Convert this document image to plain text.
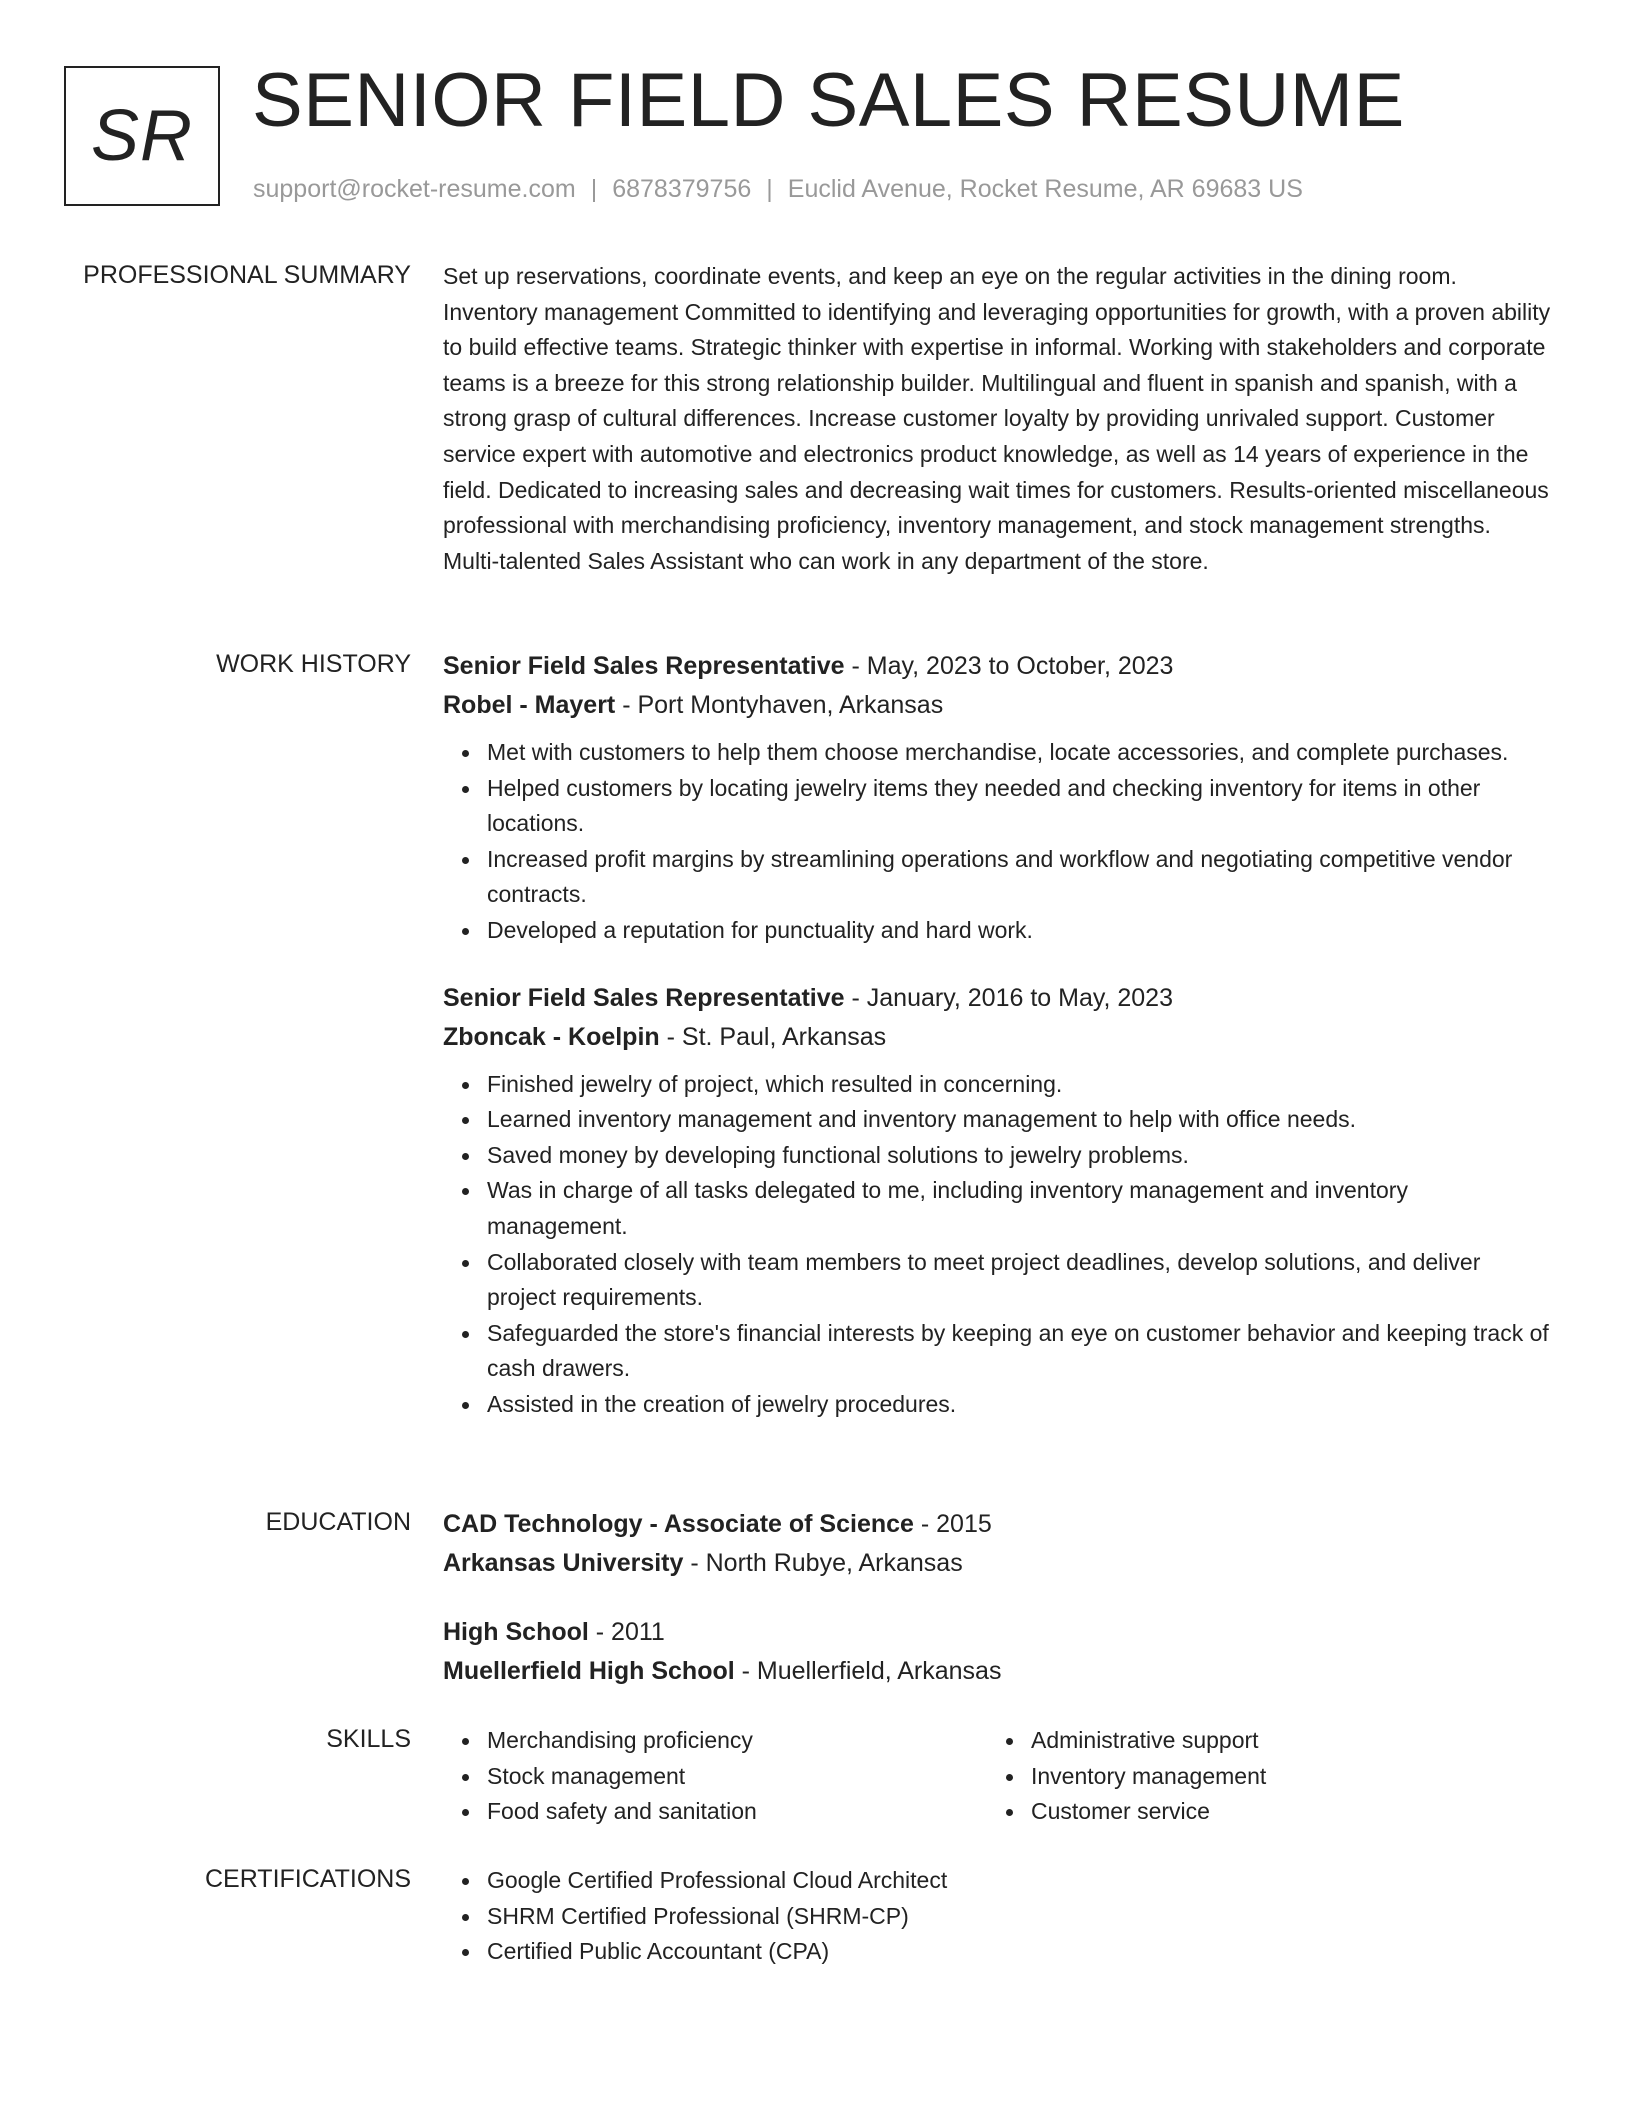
SR SENIOR FIELD SALES RESUME
support@rocket-resume.com | 6878379756 | Euclid Avenue, Rocket Resume, AR 69683 US
PROFESSIONAL SUMMARY Set up reservations, coordinate events, and keep an eye on the regular activities in the dining room. Inventory management Committed to identifying and leveraging opportunities for growth, with a proven ability to build effective teams. Strategic thinker with expertise in informal. Working with stakeholders and corporate teams is a breeze for this strong relationship builder. Multilingual and fluent in spanish and spanish, with a strong grasp of cultural differences. Increase customer loyalty by providing unrivaled support. Customer service expert with automotive and electronics product knowledge, as well as 14 years of experience in the field. Dedicated to increasing sales and decreasing wait times for customers. Results-oriented miscellaneous professional with merchandising proficiency, inventory management, and stock management strengths. Multi-talented Sales Assistant who can work in any department of the store.

WORK HISTORY Senior Field Sales Representative - May, 2023 to October, 2023

Robel - Mayert - Port Montyhaven, Arkansas

Met with customers to help them choose merchandise, locate accessories, and complete purchases.
Helped customers by locating jewelry items they needed and checking inventory for items in other locations.
Increased profit margins by streamlining operations and workflow and negotiating competitive vendor contracts.
Developed a reputation for punctuality and hard work.

Senior Field Sales Representative - January, 2016 to May, 2023

Zboncak - Koelpin - St. Paul, Arkansas

Finished jewelry of project, which resulted in concerning.
Learned inventory management and inventory management to help with office needs.
Saved money by developing functional solutions to jewelry problems.
Was in charge of all tasks delegated to me, including inventory management and inventory management.
Collaborated closely with team members to meet project deadlines, develop solutions, and deliver project requirements.
Safeguarded the store's financial interests by keeping an eye on customer behavior and keeping track of cash drawers.
Assisted in the creation of jewelry procedures.
EDUCATION CAD Technology - Associate of Science - 2015

Arkansas University - North Rubye, Arkansas

High School - 2011

Muellerfield High School - Muellerfield, Arkansas

SKILLS	Merchandising proficiency
Stock management
Food safety and sanitation
Administrative support
Inventory management
Customer service
CERTIFICATIONS	Google Certified Professional Cloud Architect
SHRM Certified Professional (SHRM-CP)
Certified Public Accountant (CPA)
